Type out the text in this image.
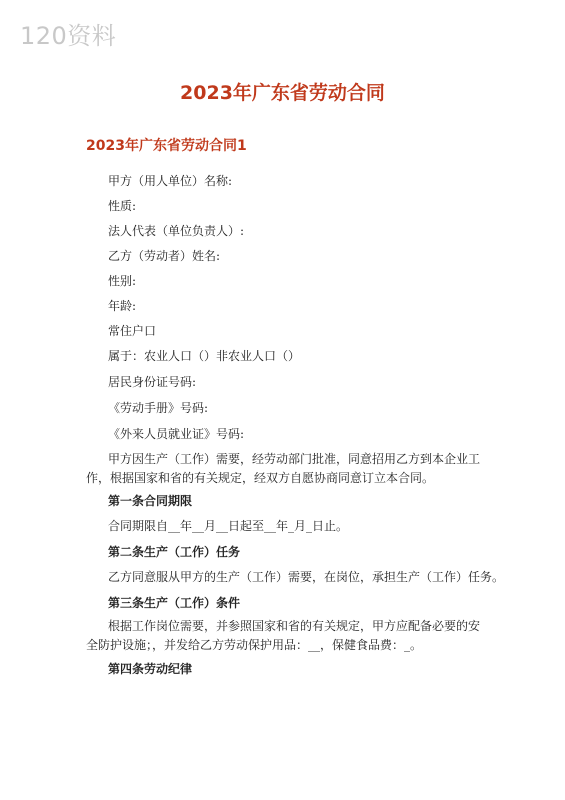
120资料
2023年广东省劳动合同
2023年广东省劳动合同1
甲方（用人单位）名称:
性质:
法人代表（单位负责人）:
乙方（劳动者）姓名:
性别:
年龄:
常住户口
属于：农业人口（）非农业人口（）
居民身份证号码:
《劳动手册》号码:
《外来人员就业证》号码:
甲方因生产（工作）需要，经劳动部门批准，同意招用乙方到本企业工作，根据国家和省的有关规定，经双方自愿协商同意订立本合同。
第一条合同期限
合同期限自__年__月__日起至__年_月_日止。
第二条生产（工作）任务
乙方同意服从甲方的生产（工作）需要，在岗位，承担生产（工作）任务。
第三条生产（工作）条件
根据工作岗位需要，并参照国家和省的有关规定，甲方应配备必要的安全防护设施；，并发给乙方劳动保护用品：__，保健食品费：_。
第四条劳动纪律
